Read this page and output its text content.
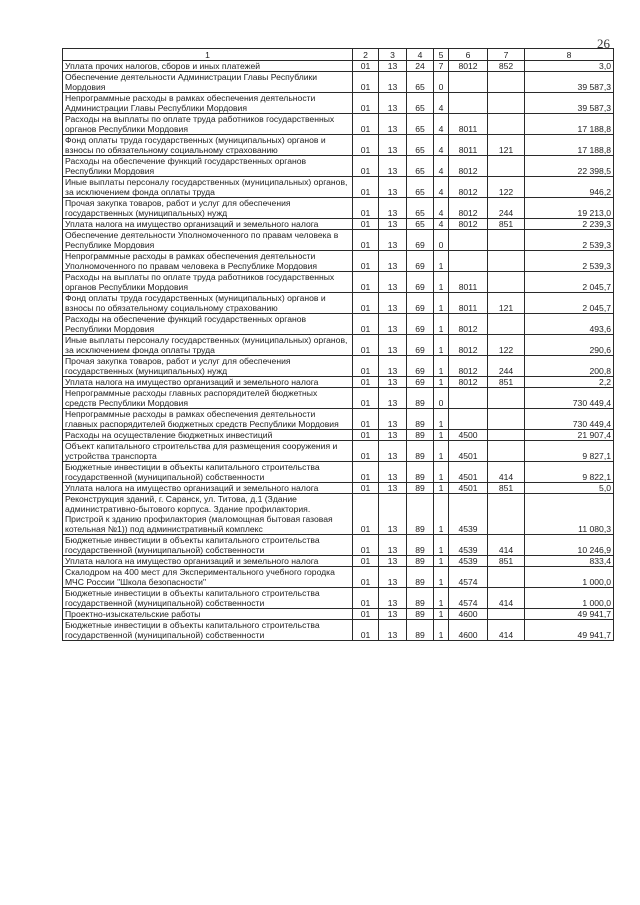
26
1	2	3	4	5	6	7	8
Уплата прочих налогов, сборов и иных платежей	01	13	24	7	8012	852	3,0
Обеспечение деятельности Администрации Главы Республики Мордовия	01	13	65	0			39 587,3
Непрограммные расходы в рамках обеспечения деятельности Администрации Главы Республики Мордовия	01	13	65	4			39 587,3
Расходы на выплаты по оплате труда работников государственных органов Республики Мордовия	01	13	65	4	8011		17 188,8
Фонд оплаты труда государственных (муниципальных) органов и взносы по обязательному социальному страхованию	01	13	65	4	8011	121	17 188,8
Расходы на обеспечение функций государственных органов Республики Мордовия	01	13	65	4	8012		22 398,5
Иные выплаты персоналу государственных (муниципальных) органов, за исключением фонда оплаты труда	01	13	65	4	8012	122	946,2
Прочая закупка товаров, работ и услуг для обеспечения государственных (муниципальных) нужд	01	13	65	4	8012	244	19 213,0
Уплата налога на имущество организаций и земельного налога	01	13	65	4	8012	851	2 239,3
Обеспечение деятельности Уполномоченного по правам человека в Республике Мордовия	01	13	69	0			2 539,3
Непрограммные расходы в рамках обеспечения деятельности Уполномоченного по правам человека в Республике Мордовия	01	13	69	1			2 539,3
Расходы на выплаты по оплате труда работников государственных органов Республики Мордовия	01	13	69	1	8011		2 045,7
Фонд оплаты труда государственных (муниципальных) органов и взносы по обязательному социальному страхованию	01	13	69	1	8011	121	2 045,7
Расходы на обеспечение функций государственных органов Республики Мордовия	01	13	69	1	8012		493,6
Иные выплаты персоналу государственных (муниципальных) органов, за исключением фонда оплаты труда	01	13	69	1	8012	122	290,6
Прочая закупка товаров, работ и услуг для обеспечения государственных (муниципальных) нужд	01	13	69	1	8012	244	200,8
Уплата налога на имущество организаций и земельного налога	01	13	69	1	8012	851	2,2
Непрограммные расходы главных распорядителей бюджетных средств Республики Мордовия	01	13	89	0			730 449,4
Непрограммные расходы в рамках обеспечения деятельности главных распорядителей бюджетных средств Республики Мордовия	01	13	89	1			730 449,4
Расходы на осуществление бюджетных инвестиций	01	13	89	1	4500		21 907,4
Объект капитального строительства для размещения сооружения и устройства транспорта	01	13	89	1	4501		9 827,1
Бюджетные инвестиции в объекты капитального строительства государственной (муниципальной) собственности	01	13	89	1	4501	414	9 822,1
Уплата налога на имущество организаций и земельного налога	01	13	89	1	4501	851	5,0
Реконструкция зданий, г. Саранск, ул. Титова, д.1 (Здание административно-бытового корпуса. Здание профилактория. Пристрой к зданию профилактория (маломощная бытовая газовая котельная №1)) под административный комплекс	01	13	89	1	4539		11 080,3
Бюджетные инвестиции в объекты капитального строительства государственной (муниципальной) собственности	01	13	89	1	4539	414	10 246,9
Уплата налога на имущество организаций и земельного налога	01	13	89	1	4539	851	833,4
Скалодром на 400 мест для Экспериментального учебного городка МЧС России "Школа безопасности"	01	13	89	1	4574		1 000,0
Бюджетные инвестиции в объекты капитального строительства государственной (муниципальной) собственности	01	13	89	1	4574	414	1 000,0
Проектно-изыскательские работы	01	13	89	1	4600		49 941,7
Бюджетные инвестиции в объекты капитального строительства государственной (муниципальной) собственности	01	13	89	1	4600	414	49 941,7
